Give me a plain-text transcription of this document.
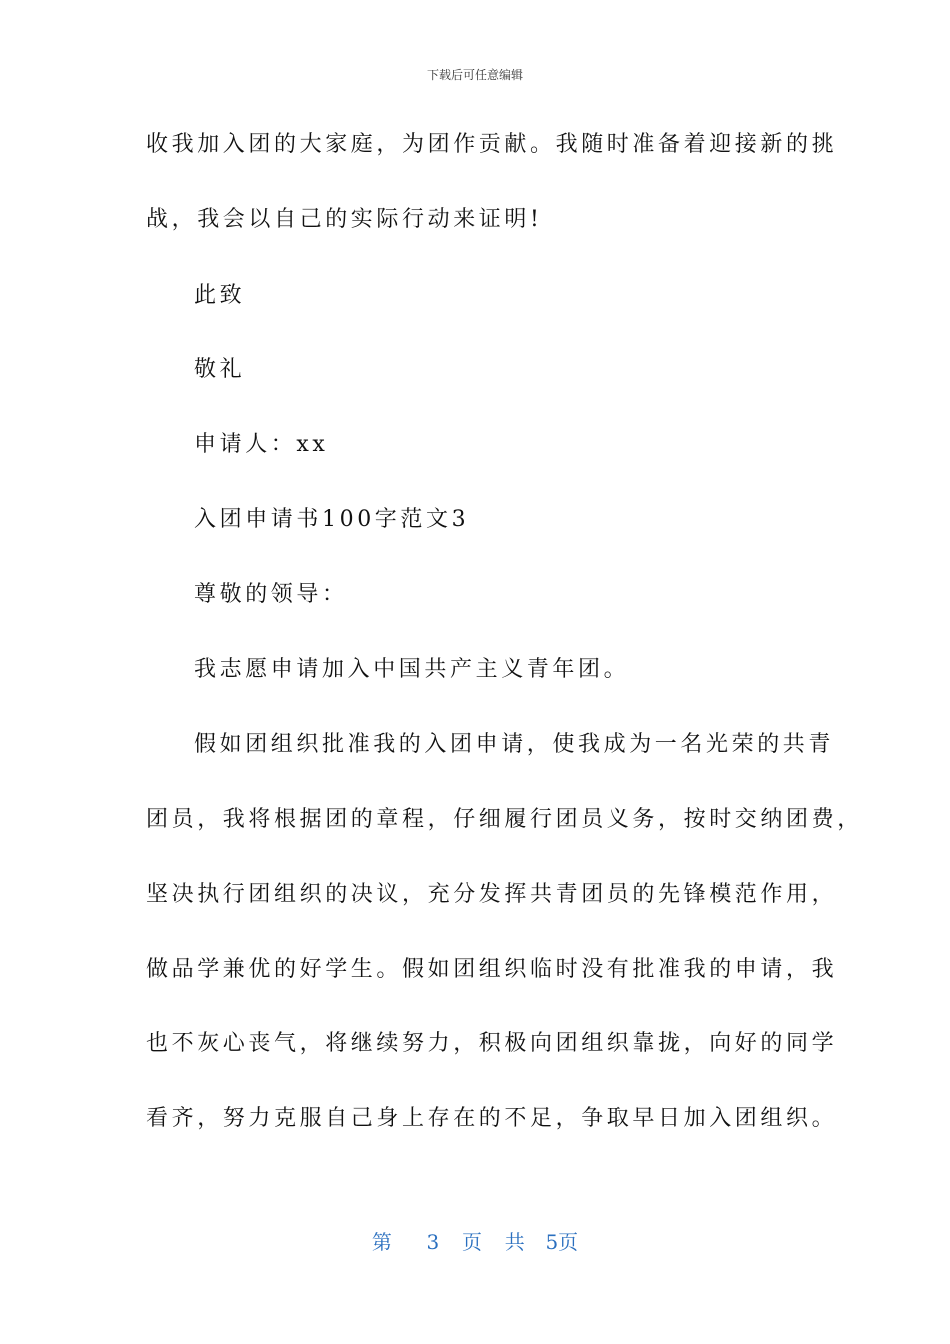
下载后可任意编辑

收我加入团的大家庭，为团作贡献。我随时准备着迎接新的挑

战，我会以自己的实际行动来证明!

此致

敬礼

申请人：xx

入团申请书100字范文3

尊敬的领导：

我志愿申请加入中国共产主义青年团。

假如团组织批准我的入团申请，使我成为一名光荣的共青

团员，我将根据团的章程，仔细履行团员义务，按时交纳团费，

坚决执行团组织的决议，充分发挥共青团员的先锋模范作用，

做品学兼优的好学生。假如团组织临时没有批准我的申请，我

也不灰心丧气，将继续努力，积极向团组织靠拢，向好的同学

看齐，努力克服自己身上存在的不足，争取早日加入团组织。

第 3 页 共 5页
